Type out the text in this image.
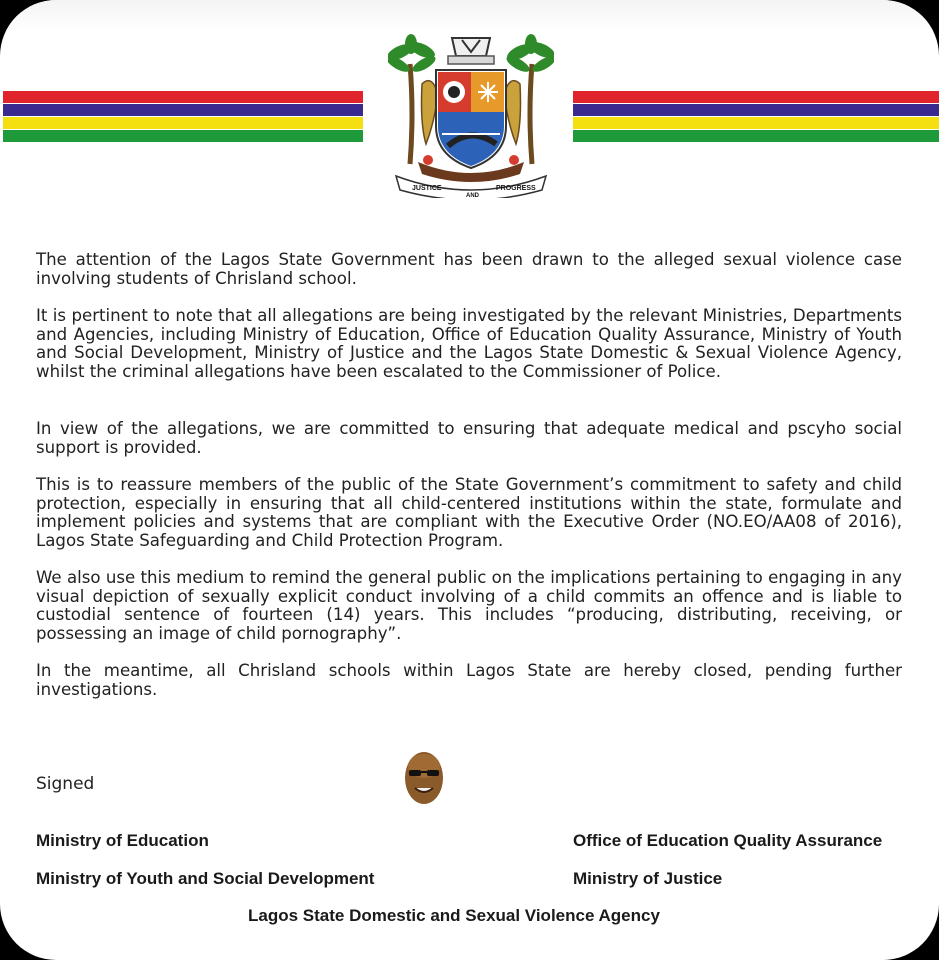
JUSTICE
AND
PROGRESS

The attention of the Lagos State Government has been drawn to the alleged sexual violence case involving students of Chrisland school.

It is pertinent to note that all allegations are being investigated by the relevant Ministries, Departments and Agencies, including Ministry of Education, Office of Education Quality Assurance, Ministry of Youth and Social Development, Ministry of Justice and the Lagos State Domestic & Sexual Violence Agency, whilst the criminal allegations have been escalated to the Commissioner of Police.

In view of the allegations, we are committed to ensuring that adequate medical and pscyho social support is provided.

This is to reassure members of the public of the State Government’s commitment to safety and child protection, especially in ensuring that all child-centered institutions within the state, formulate and implement policies and systems that are compliant with the Executive Order (NO.EO/AA08 of 2016), Lagos State Safeguarding and Child Protection Program.

We also use this medium to remind the general public on the implications pertaining to engaging in any visual depiction of sexually explicit conduct involving of a child commits an offence and is liable to custodial sentence of fourteen (14) years. This includes “producing, distributing, receiving, or possessing an image of child pornography”.

In the meantime, all Chrisland schools within Lagos State are hereby closed, pending further investigations.

Signed
Ministry of Education	Office of Education Quality Assurance
Ministry of Youth and Social Development	Ministry of Justice
Lagos State Domestic and Sexual Violence Agency
